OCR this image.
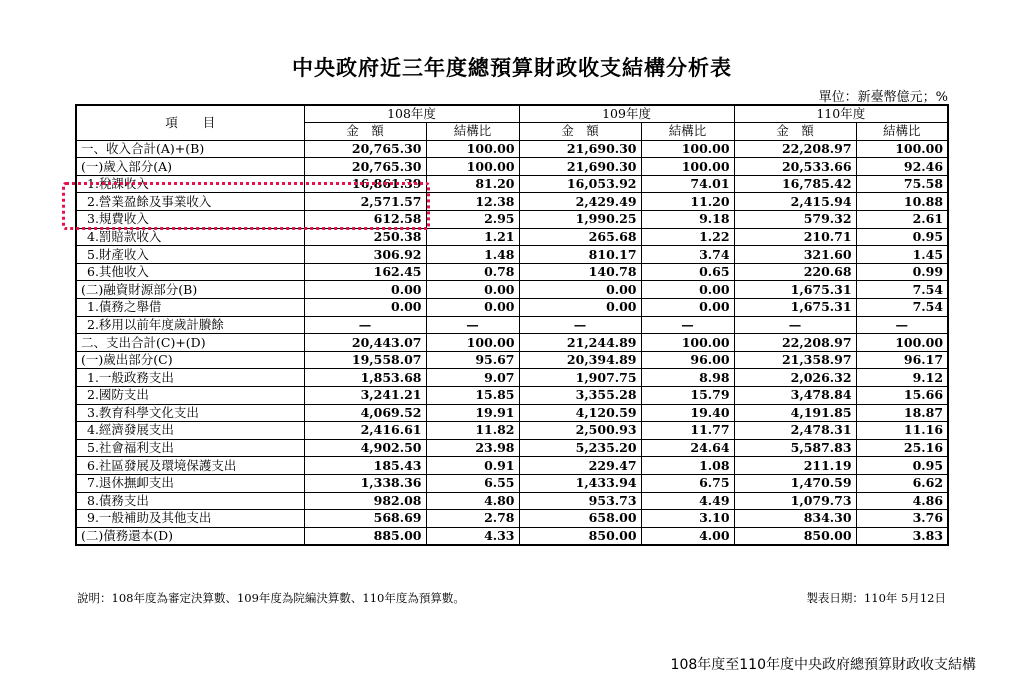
中央政府近三年度總預算財政收支結構分析表
單位：新臺幣億元；%
項　　目	108年度		109年度		110年度	
	金　額	結構比	金　額	結構比	金　額	結構比
一、收入合計(A)+(B)	20,765.30	100.00	21,690.30	100.00	22,208.97	100.00
(一)歲入部分(A)	20,765.30	100.00	21,690.30	100.00	20,533.66	92.46
1.稅課收入	16,861.39	81.20	16,053.92	74.01	16,785.42	75.58
2.營業盈餘及事業收入	2,571.57	12.38	2,429.49	11.20	2,415.94	10.88
3.規費收入	612.58	2.95	1,990.25	9.18	579.32	2.61
4.罰賠款收入	250.38	1.21	265.68	1.22	210.71	0.95
5.財產收入	306.92	1.48	810.17	3.74	321.60	1.45
6.其他收入	162.45	0.78	140.78	0.65	220.68	0.99
(二)融資財源部分(B)	0.00	0.00	0.00	0.00	1,675.31	7.54
1.債務之舉借	0.00	0.00	0.00	0.00	1,675.31	7.54
2.移用以前年度歲計賸餘	—	—	—	—	—	—
二、支出合計(C)+(D)	20,443.07	100.00	21,244.89	100.00	22,208.97	100.00
(一)歲出部分(C)	19,558.07	95.67	20,394.89	96.00	21,358.97	96.17
1.一般政務支出	1,853.68	9.07	1,907.75	8.98	2,026.32	9.12
2.國防支出	3,241.21	15.85	3,355.28	15.79	3,478.84	15.66
3.教育科學文化支出	4,069.52	19.91	4,120.59	19.40	4,191.85	18.87
4.經濟發展支出	2,416.61	11.82	2,500.93	11.77	2,478.31	11.16
5.社會福利支出	4,902.50	23.98	5,235.20	24.64	5,587.83	25.16
6.社區發展及環境保護支出	185.43	0.91	229.47	1.08	211.19	0.95
7.退休撫卹支出	1,338.36	6.55	1,433.94	6.75	1,470.59	6.62
8.債務支出	982.08	4.80	953.73	4.49	1,079.73	4.86
9.一般補助及其他支出	568.69	2.78	658.00	3.10	834.30	3.76
(二)債務還本(D)	885.00	4.33	850.00	4.00	850.00	3.83
說明：108年度為審定決算數、109年度為院編決算數、110年度為預算數。	製表日期：110年 5月12日
108年度至110年度中央政府總預算財政收支結構
